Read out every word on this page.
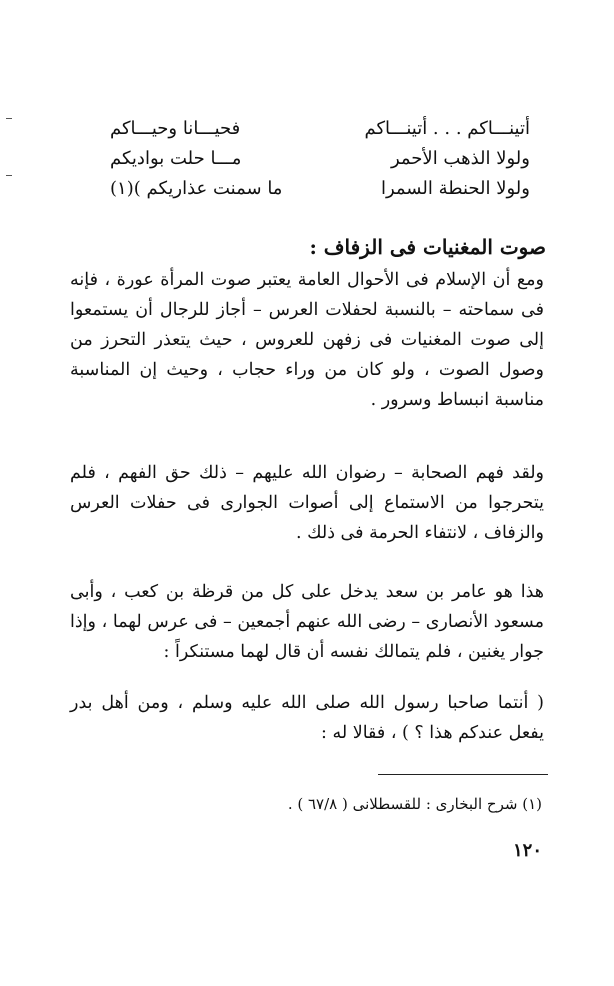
أتينـــاكم . . . أتينـــاكم
فحيـــانا وحيـــاكم
ولولا الذهب الأحمر
مـــا حلت بواديكم
ولولا الحنطة السمرا
ما سمنت عذاريكم )(١)
صوت المغنيات فى الزفاف :

ومع أن الإسلام فى الأحوال العامة يعتبر صوت المرأة عورة ، فإنه فى سماحته – بالنسبة لحفلات العرس – أجاز للرجال أن يستمعوا إلى صوت المغنيات فى زفهن للعروس ، حيث يتعذر التحرز من وصول الصوت ، ولو كان من وراء حجاب ، وحيث إن المناسبة مناسبة انبساط وسرور .

ولقد فهم الصحابة – رضوان الله عليهم – ذلك حق الفهم ، فلم يتحرجوا من الاستماع إلى أصوات الجوارى فى حفلات العرس والزفاف ، لانتفاء الحرمة فى ذلك .

هذا هو عامر بن سعد يدخل على كل من قرظة بن كعب ، وأبى مسعود الأنصارى – رضى الله عنهم أجمعين – فى عرس لهما ، وإذا جوار يغنين ، فلم يتمالك نفسه أن قال لهما مستنكراً :

( أنتما صاحبا رسول الله صلى الله عليه وسلم ، ومن أهل بدر يفعل عندكم هذا ؟ ) ، فقالا له :

(١) شرح البخارى : للقسطلانى ( ٦٧/٨ ) .
١٢٠
